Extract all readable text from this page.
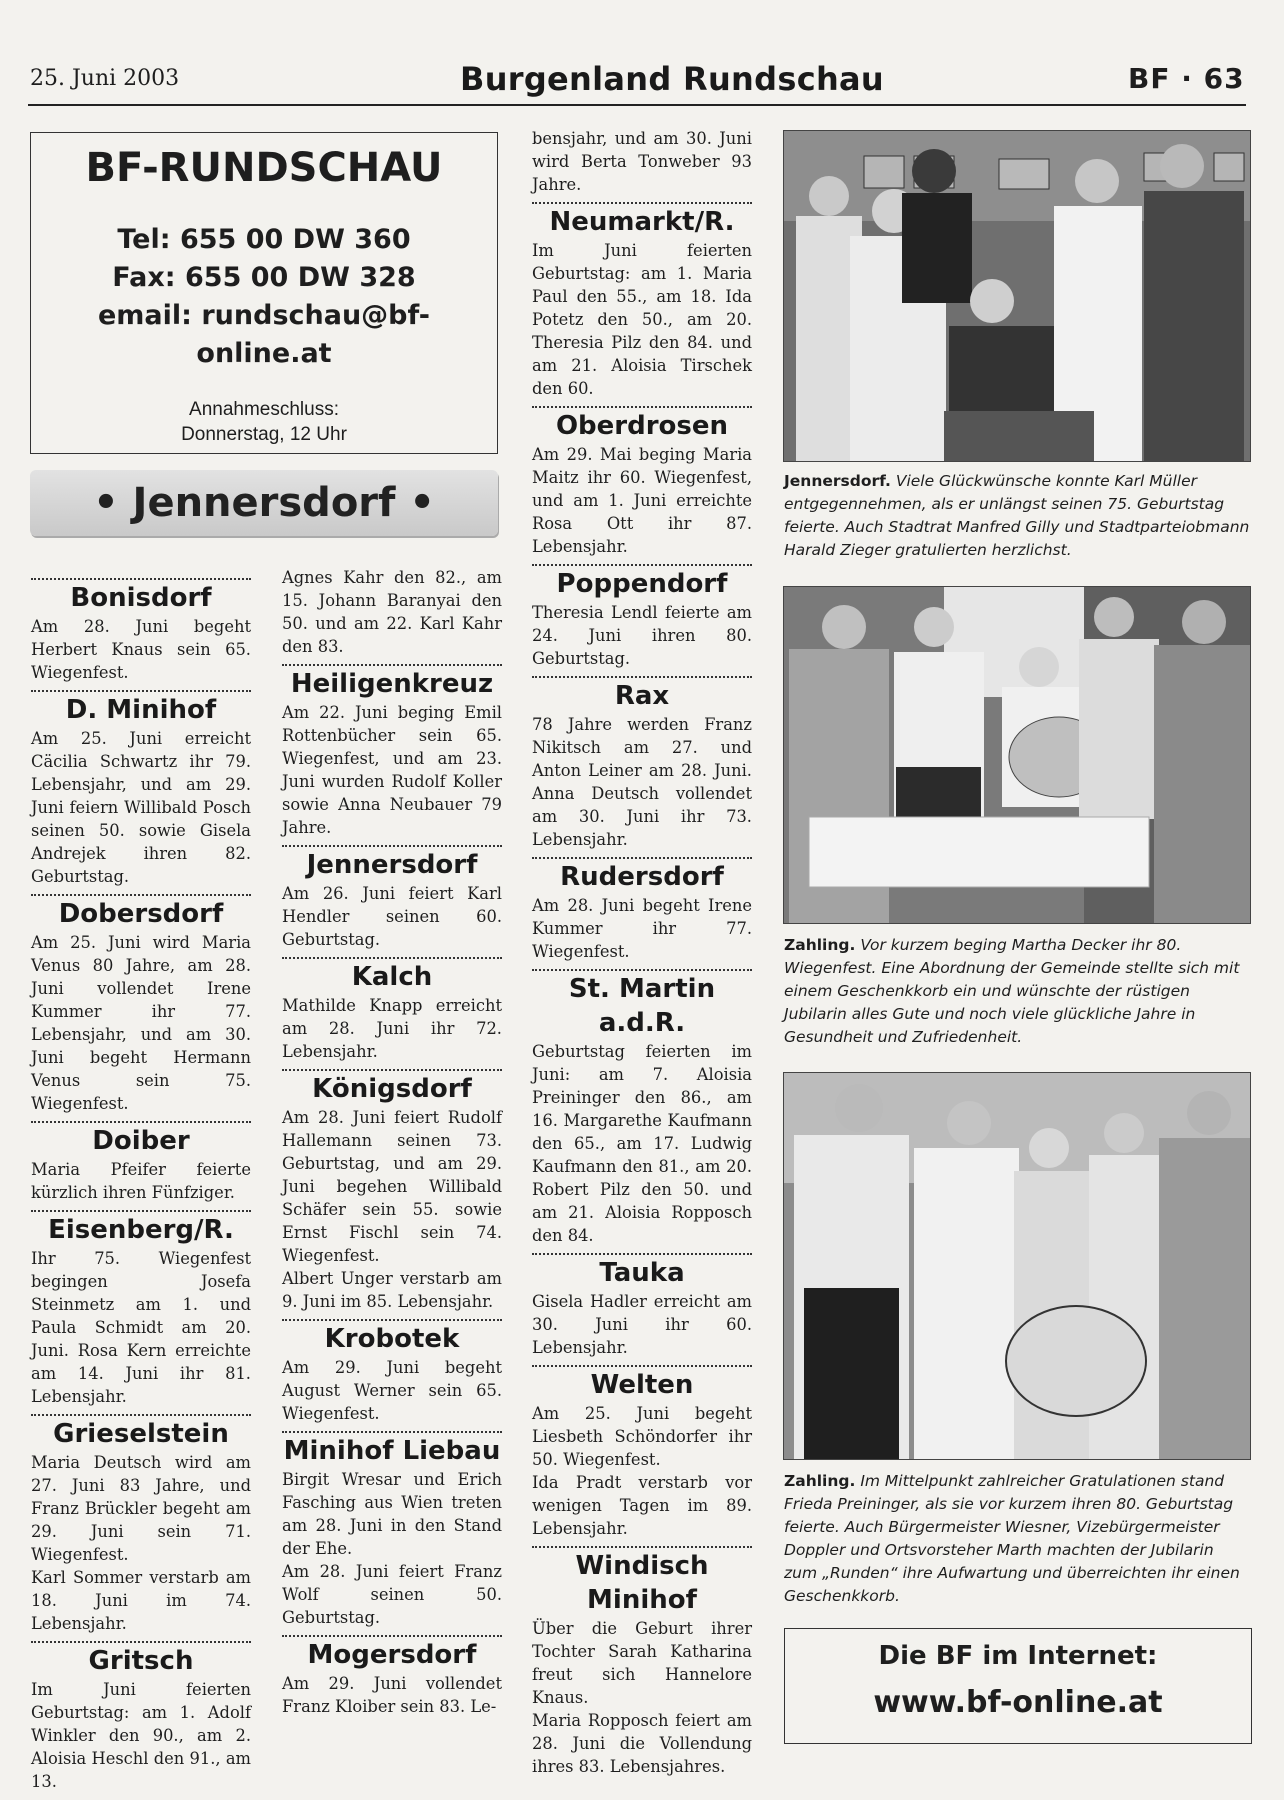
25. Juni 2003	Burgenland Rundschau	BF · 63
BF-RUNDSCHAU
Tel: 655 00 DW 360
Fax: 655 00 DW 328
email: rundschau@bf-online.at
Annahmeschluss:
Donnerstag, 12 Uhr
• Jennersdorf •
Bonisdorf

Am 28. Juni begeht Herbert Knaus sein 65. Wiegenfest.

D. Minihof

Am 25. Juni erreicht Cäcilia Schwartz ihr 79. Lebensjahr, und am 29. Juni feiern Willibald Posch seinen 50. sowie Gisela Andrejek ihren 82. Geburtstag.

Dobersdorf

Am 25. Juni wird Maria Venus 80 Jahre, am 28. Juni vollendet Irene Kummer ihr 77. Lebensjahr, und am 30. Juni begeht Hermann Venus sein 75. Wiegenfest.

Doiber

Maria Pfeifer feierte kürzlich ihren Fünfziger.

Eisenberg/R.

Ihr 75. Wiegenfest begingen Josefa Steinmetz am 1. und Paula Schmidt am 20. Juni. Rosa Kern erreichte am 14. Juni ihr 81. Lebensjahr.

Grieselstein

Maria Deutsch wird am 27. Juni 83 Jahre, und Franz Brückler begeht am 29. Juni sein 71. Wiegenfest.

Karl Sommer verstarb am 18. Juni im 74. Lebensjahr.

Gritsch

Im Juni feierten Geburtstag: am 1. Adolf Winkler den 90., am 2. Aloisia Heschl den 91., am 13.

Agnes Kahr den 82., am 15. Johann Baranyai den 50. und am 22. Karl Kahr den 83.

Heiligenkreuz

Am 22. Juni beging Emil Rottenbücher sein 65. Wiegenfest, und am 23. Juni wurden Rudolf Koller sowie Anna Neubauer 79 Jahre.

Jennersdorf

Am 26. Juni feiert Karl Hendler seinen 60. Geburtstag.

Kalch

Mathilde Knapp erreicht am 28. Juni ihr 72. Lebensjahr.

Königsdorf

Am 28. Juni feiert Rudolf Hallemann seinen 73. Geburtstag, und am 29. Juni begehen Willibald Schäfer sein 55. sowie Ernst Fischl sein 74. Wiegenfest.

Albert Unger verstarb am 9. Juni im 85. Lebensjahr.

Krobotek

Am 29. Juni begeht August Werner sein 65. Wiegenfest.

Minihof Liebau

Birgit Wresar und Erich Fasching aus Wien treten am 28. Juni in den Stand der Ehe.

Am 28. Juni feiert Franz Wolf seinen 50. Geburtstag.

Mogersdorf

Am 29. Juni vollendet Franz Kloiber sein 83. Le-

bensjahr, und am 30. Juni wird Berta Tonweber 93 Jahre.

Neumarkt/R.

Im Juni feierten Geburtstag: am 1. Maria Paul den 55., am 18. Ida Potetz den 50., am 20. Theresia Pilz den 84. und am 21. Aloisia Tirschek den 60.

Oberdrosen

Am 29. Mai beging Maria Maitz ihr 60. Wiegenfest, und am 1. Juni erreichte Rosa Ott ihr 87. Lebensjahr.

Poppendorf

Theresia Lendl feierte am 24. Juni ihren 80. Geburtstag.

Rax

78 Jahre werden Franz Nikitsch am 27. und Anton Leiner am 28. Juni. Anna Deutsch vollendet am 30. Juni ihr 73. Lebensjahr.

Rudersdorf

Am 28. Juni begeht Irene Kummer ihr 77. Wiegenfest.

St. Martin a.d.R.

Geburtstag feierten im Juni: am 7. Aloisia Preininger den 86., am 16. Margarethe Kaufmann den 65., am 17. Ludwig Kaufmann den 81., am 20. Robert Pilz den 50. und am 21. Aloisia Ropposch den 84.

Tauka

Gisela Hadler erreicht am 30. Juni ihr 60. Lebensjahr.

Welten

Am 25. Juni begeht Liesbeth Schöndorfer ihr 50. Wiegenfest.

Ida Pradt verstarb vor wenigen Tagen im 89. Lebensjahr.

Windisch Minihof

Über die Geburt ihrer Tochter Sarah Katharina freut sich Hannelore Knaus.

Maria Ropposch feiert am 28. Juni die Vollendung ihres 83. Lebensjahres.

Jennersdorf. Viele Glückwünsche konnte Karl Müller entgegennehmen, als er unlängst seinen 75. Geburtstag feierte. Auch Stadtrat Manfred Gilly und Stadtparteiobmann Harald Zieger gratulierten herzlichst.
Zahling. Vor kurzem beging Martha Decker ihr 80. Wiegenfest. Eine Abordnung der Gemeinde stellte sich mit einem Geschenkkorb ein und wünschte der rüstigen Jubilarin alles Gute und noch viele glückliche Jahre in Gesundheit und Zufriedenheit.
Zahling. Im Mittelpunkt zahlreicher Gratulationen stand Frieda Preininger, als sie vor kurzem ihren 80. Geburtstag feierte. Auch Bürgermeister Wiesner, Vizebürgermeister Doppler und Ortsvorsteher Marth machten der Jubilarin zum „Runden“ ihre Aufwartung und überreichten ihr einen Geschenkkorb.
Die BF im Internet:
www.bf-online.at
